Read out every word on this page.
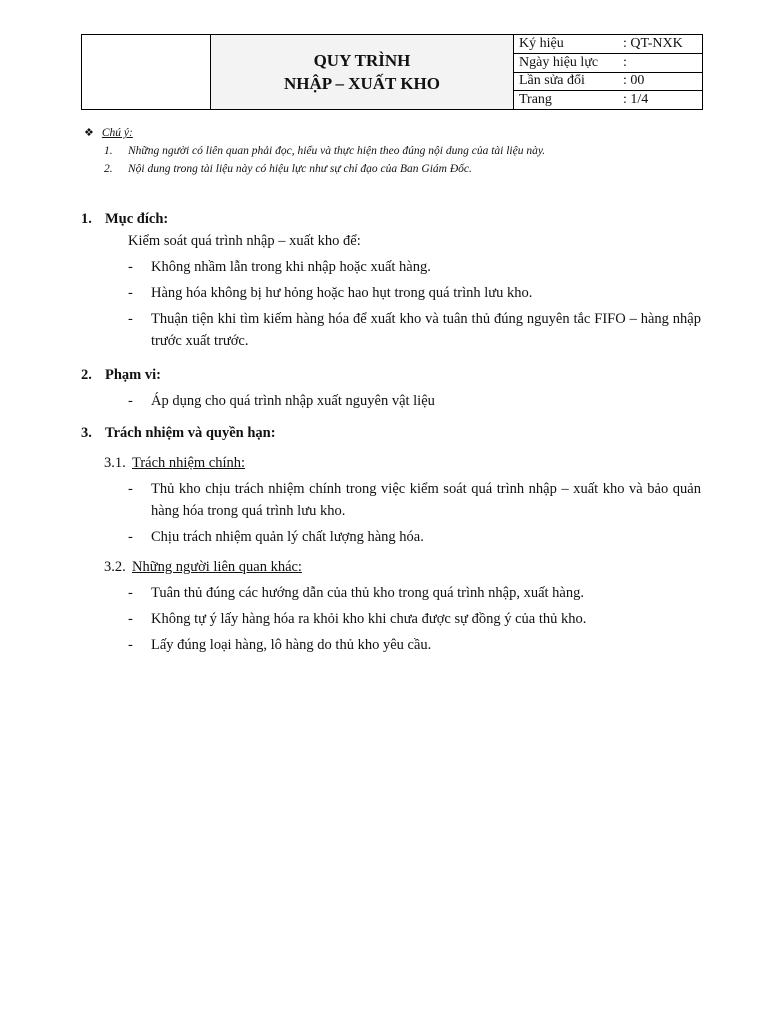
QUY TRÌNH
NHẬP – XUẤT KHO
Ký hiệu	: QT-NXK
Ngày hiệu lực	:
Lần sửa đổi	: 00
Trang	: 1/4
❖ Chú ý:
1.	Những người có liên quan phải đọc, hiểu và thực hiện theo đúng nội dung của tài liệu này.
2.	Nội dung trong tài liệu này có hiệu lực như sự chỉ đạo của Ban Giám Đốc.
1. Mục đích:
Kiểm soát quá trình nhập – xuất kho để:
-	Không nhầm lẫn trong khi nhập hoặc xuất hàng.
-	Hàng hóa không bị hư hỏng hoặc hao hụt trong quá trình lưu kho.
-	Thuận tiện khi tìm kiếm hàng hóa để xuất kho và tuân thủ đúng nguyên tắc FIFO – hàng nhập trước xuất trước.
2. Phạm vi:
-	Áp dụng cho quá trình nhập xuất nguyên vật liệu
3. Trách nhiệm và quyền hạn:
3.1. Trách nhiệm chính:
-	Thủ kho chịu trách nhiệm chính trong việc kiểm soát quá trình nhập – xuất kho và bảo quản hàng hóa trong quá trình lưu kho.
-	Chịu trách nhiệm quản lý chất lượng hàng hóa.
3.2. Những người liên quan khác:
-	Tuân thủ đúng các hướng dẫn của thủ kho trong quá trình nhập, xuất hàng.
-	Không tự ý lấy hàng hóa ra khỏi kho khi chưa được sự đồng ý của thủ kho.
-	Lấy đúng loại hàng, lô hàng do thủ kho yêu cầu.
